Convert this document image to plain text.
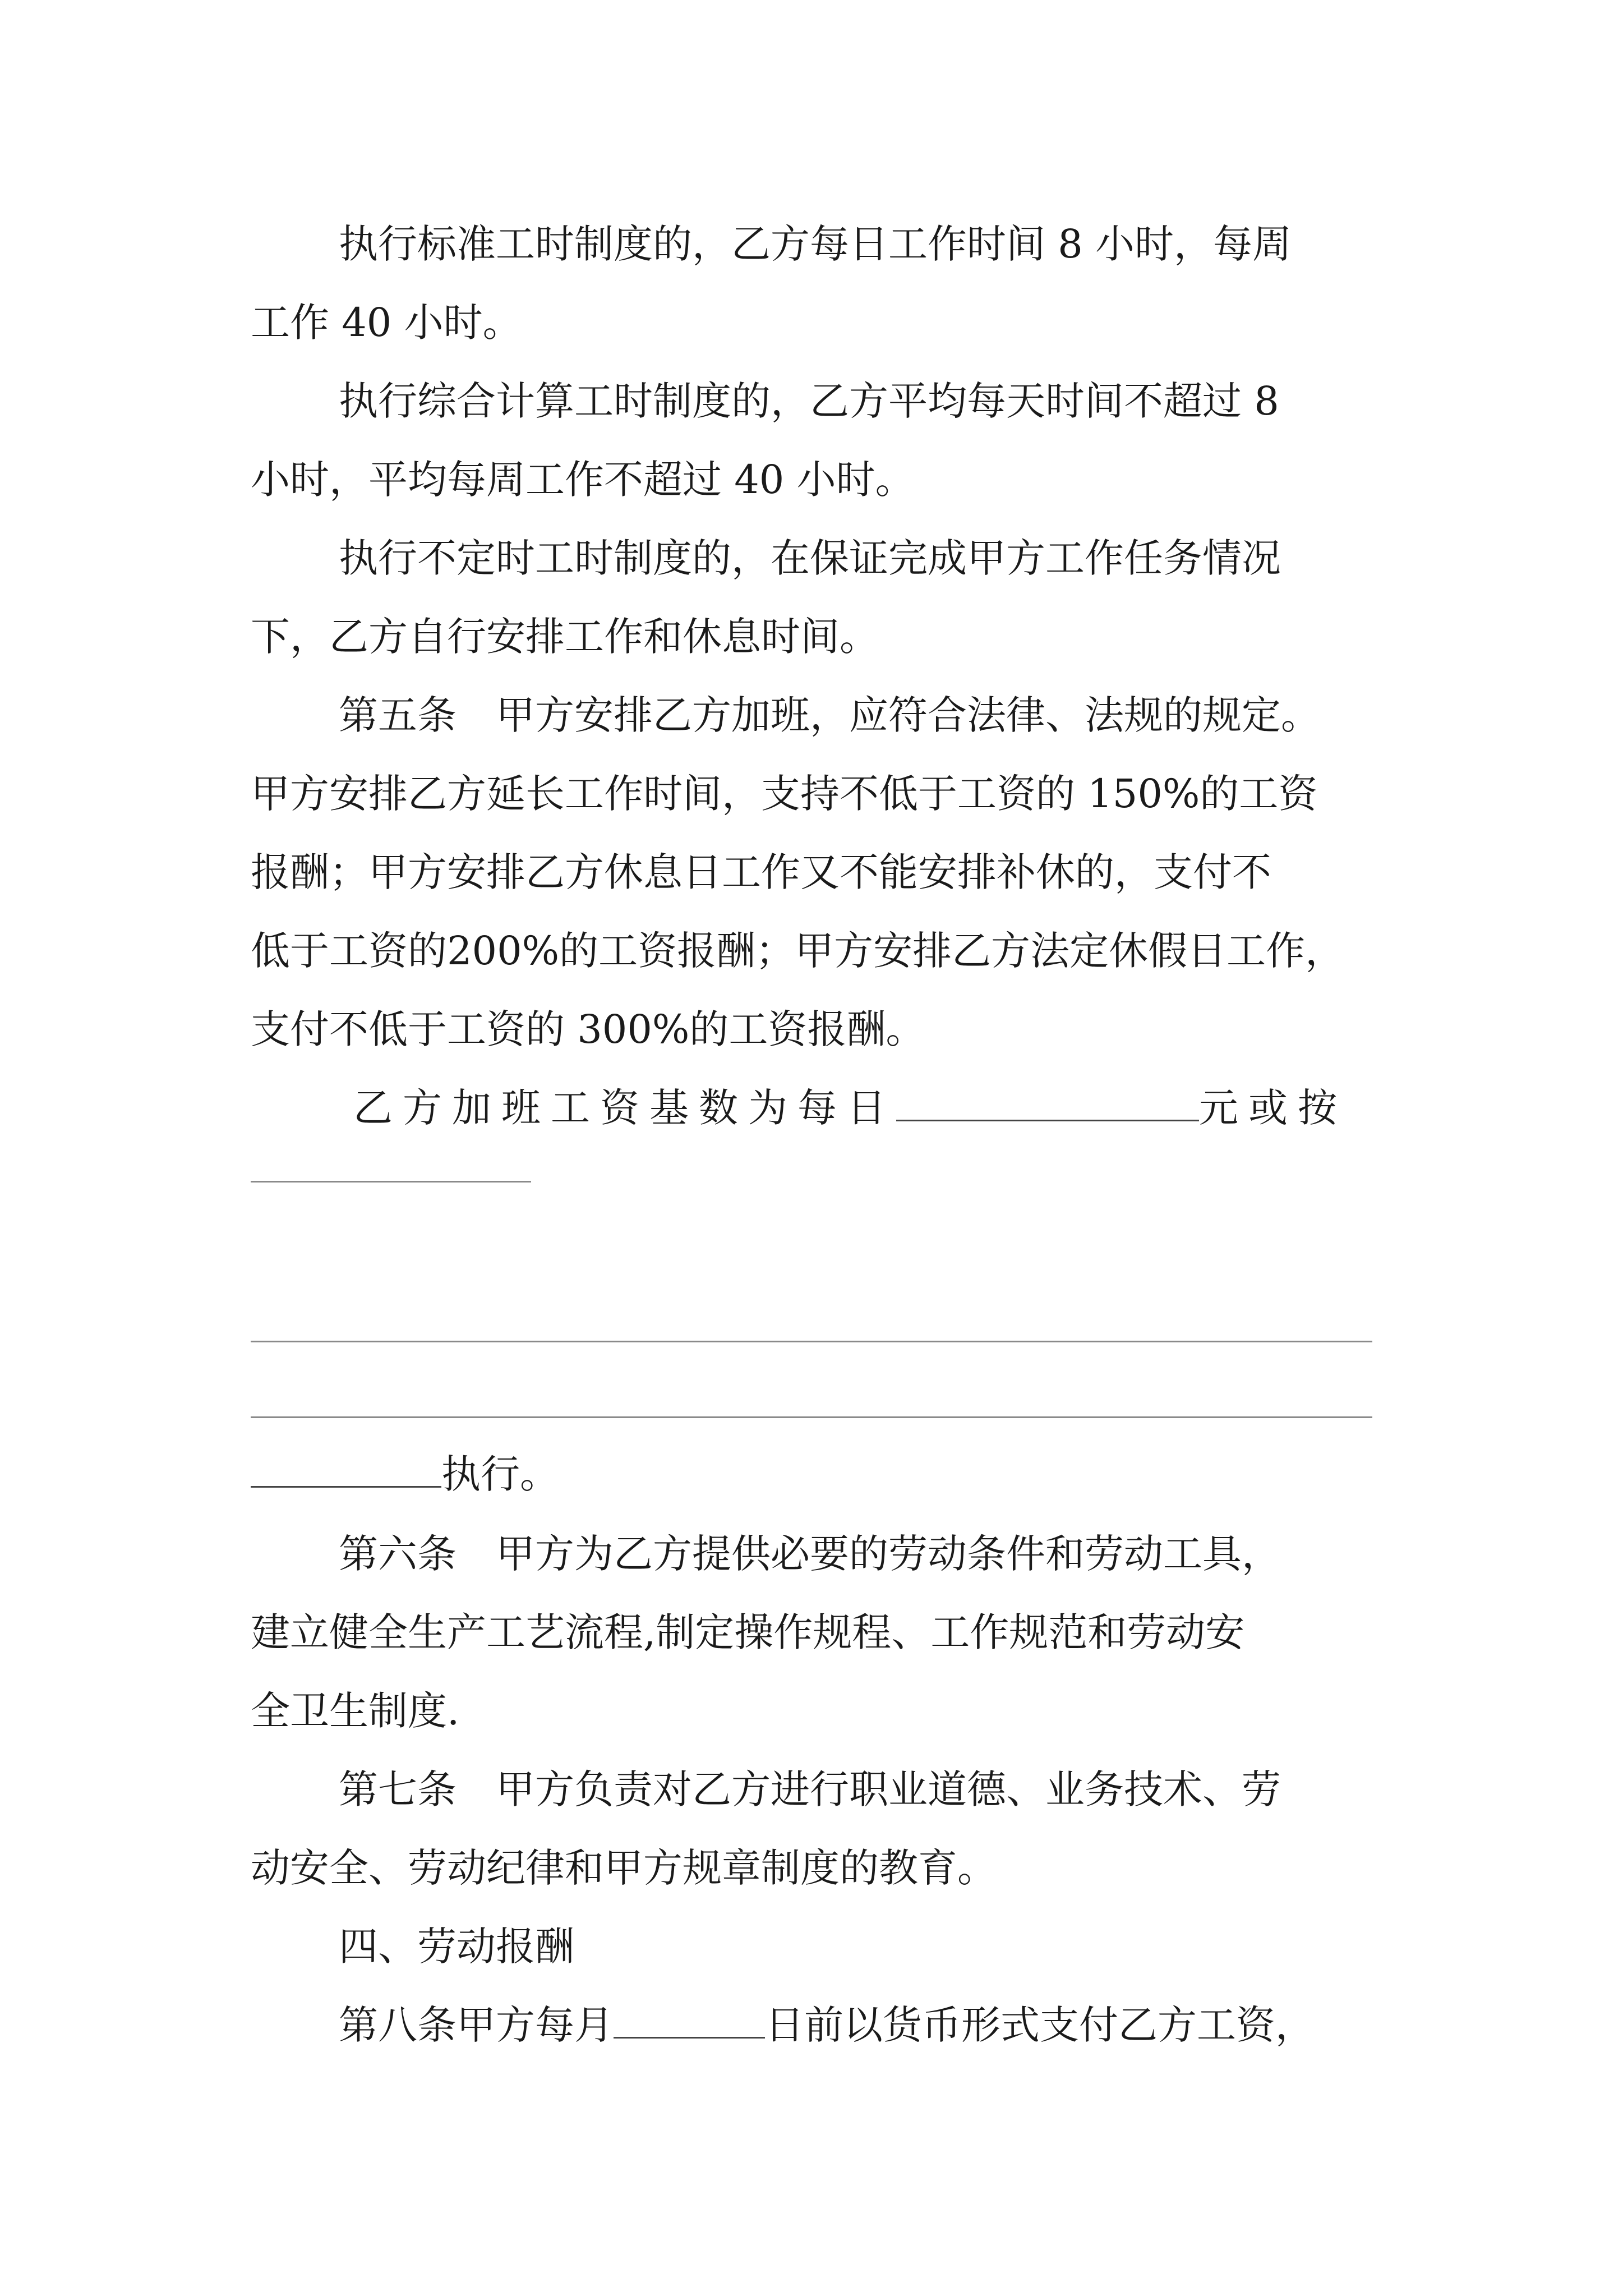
执行标准工时制度的，乙方每日工作时间 8 小时，每周
工作 40 小时。
执行综合计算工时制度的，乙方平均每天时间不超过 8
小时，平均每周工作不超过 40 小时。
执行不定时工时制度的，在保证完成甲方工作任务情况
下，乙方自行安排工作和休息时间。
第五条　甲方安排乙方加班，应符合法律、法规的规定。
甲方安排乙方延长工作时间，支持不低于工资的 150%的工资
报酬；甲方安排乙方休息日工作又不能安排补休的，支付不
低于工资的200%的工资报酬；甲方安排乙方法定休假日工作，
支付不低于工资的 300%的工资报酬。
乙方加班工资基数为每日	元或按
执行。
第六条　甲方为乙方提供必要的劳动条件和劳动工具，
建立健全生产工艺流程,制定操作规程、工作规范和劳动安
全卫生制度.
第七条　甲方负责对乙方进行职业道德、业务技术、劳
动安全、劳动纪律和甲方规章制度的教育。
四、劳动报酬
第八条甲方每月	日前以货币形式支付乙方工资，
